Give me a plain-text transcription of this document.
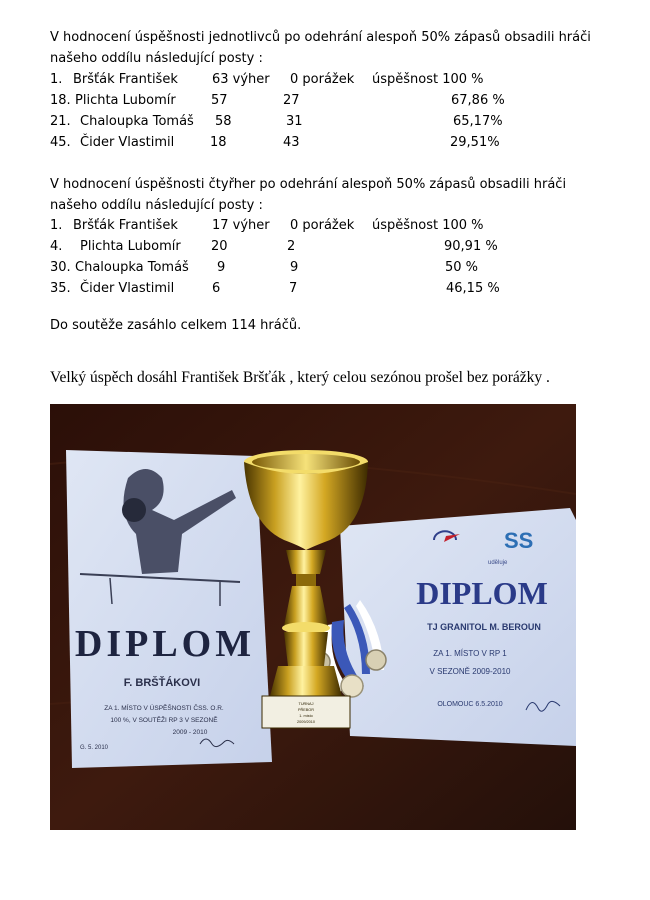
V hodnocení úspěšnosti jednotlivců po odehrání alespoň 50% zápasů obsadili hráči
našeho oddílu následující posty :
1. Bršťák František	63 výher 0 porážek úspěšnost 100 %
18. Plichta Lubomír	57	27	67,86 %
21. Chaloupka Tomáš 58	31	65,17%
45. Čider Vlastimil	18	43	29,51%
V hodnocení úspěšnosti čtyřher po odehrání alespoň 50% zápasů obsadili hráči
našeho oddílu následující posty :
1. Bršťák František	17 výher 0 porážek úspěšnost 100 %
4. Plichta Lubomír 20	2	90,91 %
30. Chaloupka Tomáš 9	9	50 %
35. Čider Vlastimil	6	7	46,15 %
Do soutěže zasáhlo celkem 114 hráčů.
Velký úspěch dosáhl František Bršťák , který celou sezónou prošel bez porážky .
DIPLOM
F. BRŠŤÁKOVI
ZA 1. MÍSTO V ÚSPĚŠNOSTI ČSS. O.R.
100 %, V SOUTĚŽI RP 3 V SEZONĚ
2009 - 2010
G. 5. 2010
SS
uděluje
DIPLOM
TJ GRANITOL M. BEROUN
ZA 1. MÍSTO V RP 1
V SEZONĚ 2009-2010
OLOMOUC 6.5.2010
TURNAJ
PŘEBOR
1. místo
2009/2010
